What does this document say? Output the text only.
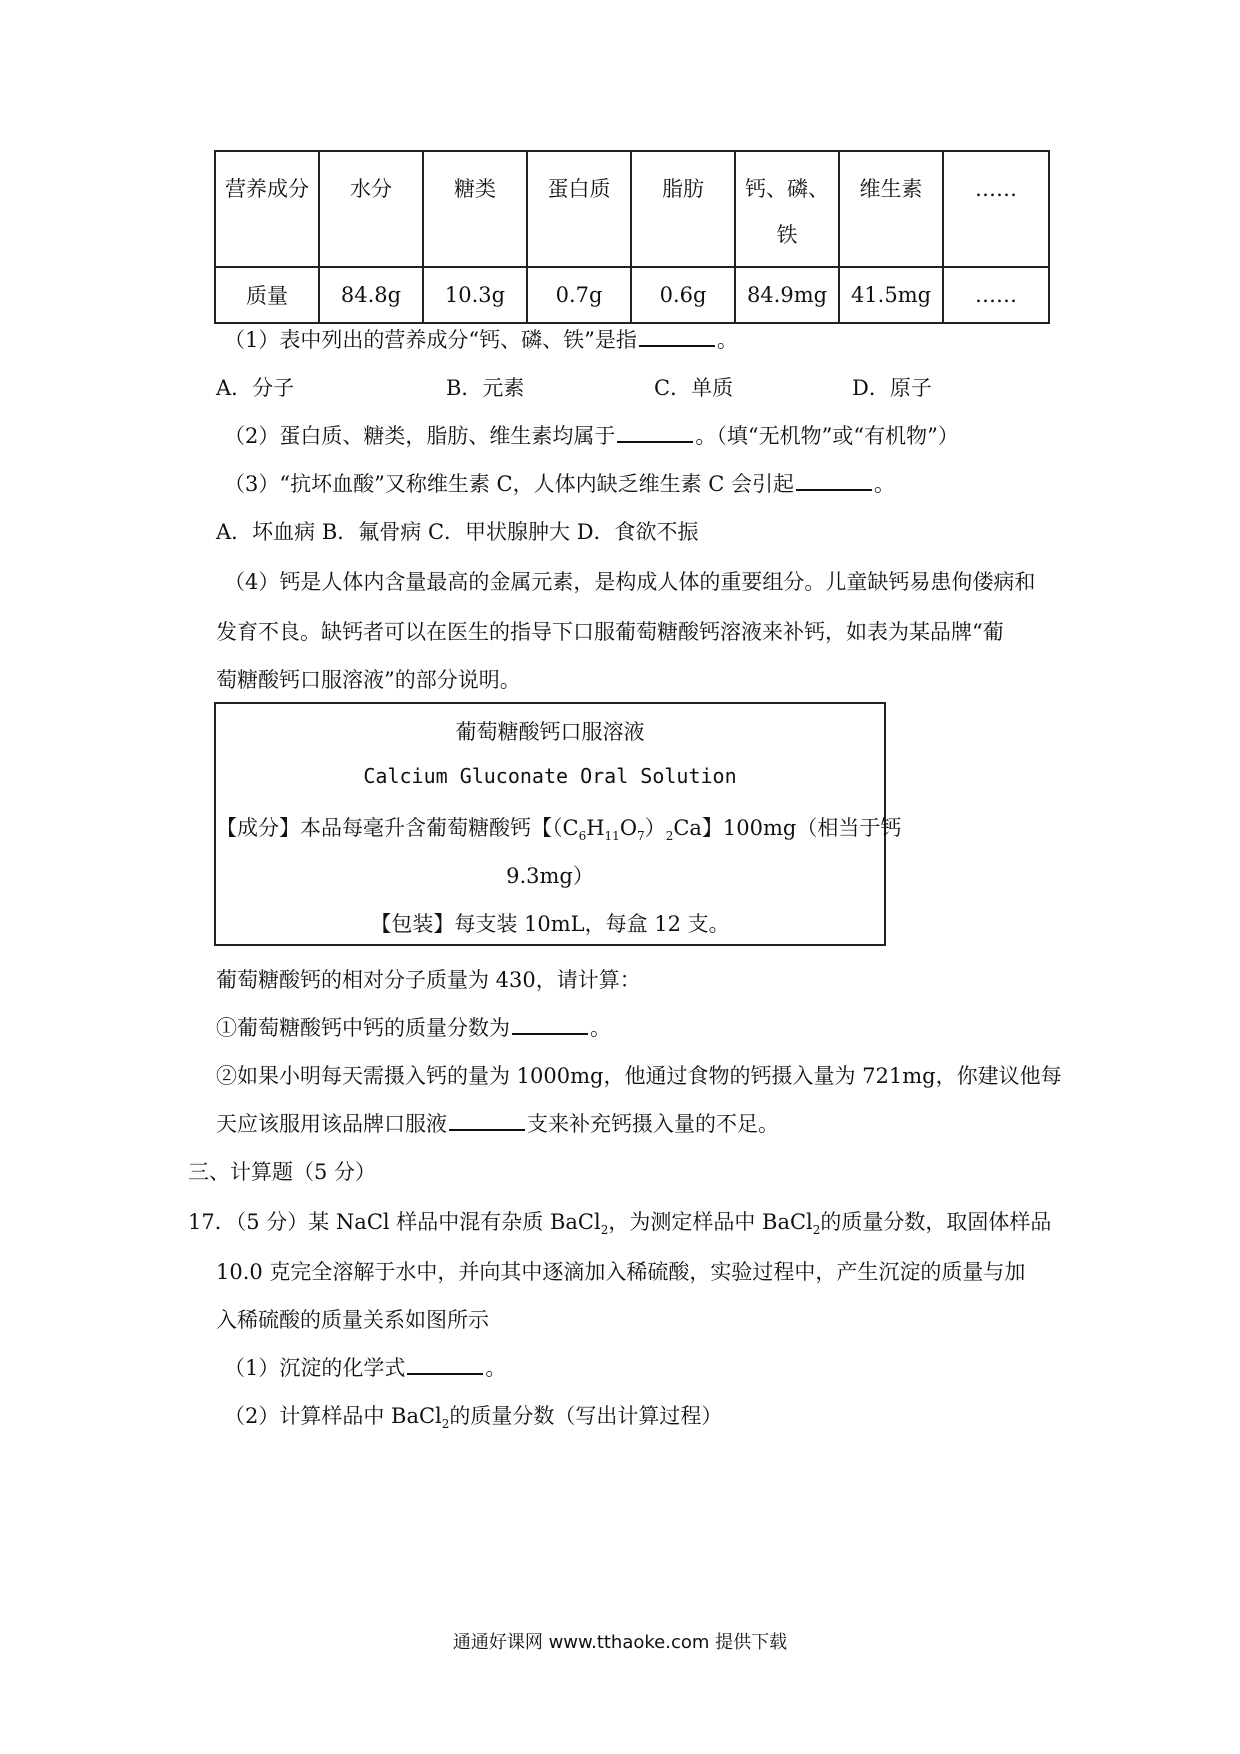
营养成分	水分	糖类	蛋白质	脂肪	钙、磷、铁	维生素	……
质量	84.8g	10.3g	0.7g	0.6g	84.9mg	41.5mg	……
（1）表中列出的营养成分“钙、磷、铁”是指	。
A．分子	B．元素	C．单质	D．原子
（2）蛋白质、糖类，脂肪、维生素均属于	。（填“无机物”或“有机物”）
（3）“抗坏血酸”又称维生素 C，人体内缺乏维生素 C 会引起	。
A．坏血病 B．氟骨病 C．甲状腺肿大 D．食欲不振
（4）钙是人体内含量最高的金属元素，是构成人体的重要组分。儿童缺钙易患佝偻病和
发育不良。缺钙者可以在医生的指导下口服葡萄糖酸钙溶液来补钙，如表为某品牌“葡
萄糖酸钙口服溶液”的部分说明。
葡萄糖酸钙口服溶液
Calcium Gluconate Oral Solution
【成分】本品每毫升含葡萄糖酸钙【$(C_6H_{11}O_7)_2Ca$】100mg（相当于钙
9.3mg）
【包装】每支装 10mL，每盒 12 支。
葡萄糖酸钙的相对分子质量为 430，请计算：
①葡萄糖酸钙中钙的质量分数为	。
②如果小明每天需摄入钙的量为 1000mg，他通过食物的钙摄入量为 721mg，你建议他每
天应该服用该品牌口服液	支来补充钙摄入量的不足。
三、计算题（5 分）
17．（5 分）某 NaCl 样品中混有杂质 BaCl$_2$，为测定样品中 BaCl$_2$的质量分数，取固体样品
10.0 克完全溶解于水中，并向其中逐滴加入稀硫酸，实验过程中，产生沉淀的质量与加
入稀硫酸的质量关系如图所示
（1）沉淀的化学式	。
（2）计算样品中 BaCl$_2$的质量分数（写出计算过程）
通通好课网 www.tthaoke.com 提供下载
